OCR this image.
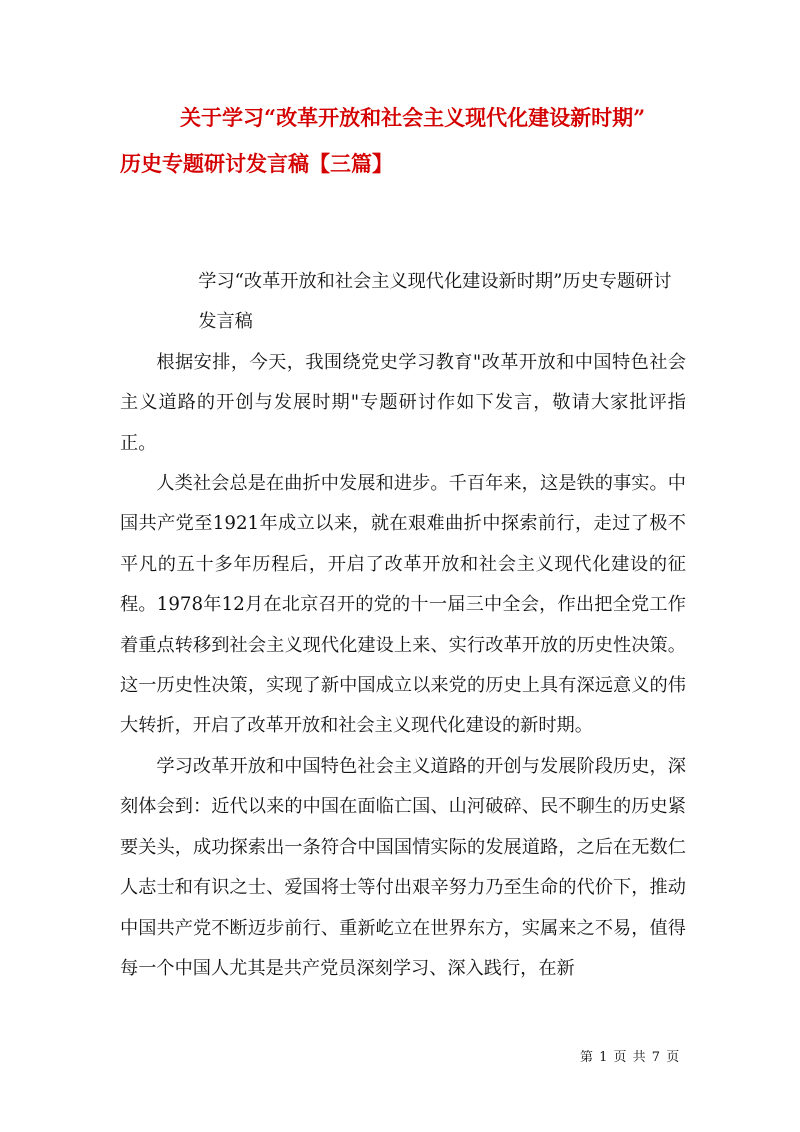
关于学习“改革开放和社会主义现代化建设新时期”
历史专题研讨发言稿【三篇】

学习“改革开放和社会主义现代化建设新时期”历史专题研讨发言稿

根据安排，今天，我围绕党史学习教育"改革开放和中国特色社会主义道路的开创与发展时期"专题研讨作如下发言，敬请大家批评指正。

人类社会总是在曲折中发展和进步。千百年来，这是铁的事实。中国共产党至1921年成立以来，就在艰难曲折中探索前行，走过了极不平凡的五十多年历程后，开启了改革开放和社会主义现代化建设的征程。1978年12月在北京召开的党的十一届三中全会，作出把全党工作着重点转移到社会主义现代化建设上来、实行改革开放的历史性决策。这一历史性决策，实现了新中国成立以来党的历史上具有深远意义的伟大转折，开启了改革开放和社会主义现代化建设的新时期。

学习改革开放和中国特色社会主义道路的开创与发展阶段历史，深刻体会到：近代以来的中国在面临亡国、山河破碎、民不聊生的历史紧要关头，成功探索出一条符合中国国情实际的发展道路，之后在无数仁人志士和有识之士、爱国将士等付出艰辛努力乃至生命的代价下，推动中国共产党不断迈步前行、重新屹立在世界东方，实属来之不易，值得每一个中国人尤其是共产党员深刻学习、深入践行，在新

第 1 页 共 7 页
